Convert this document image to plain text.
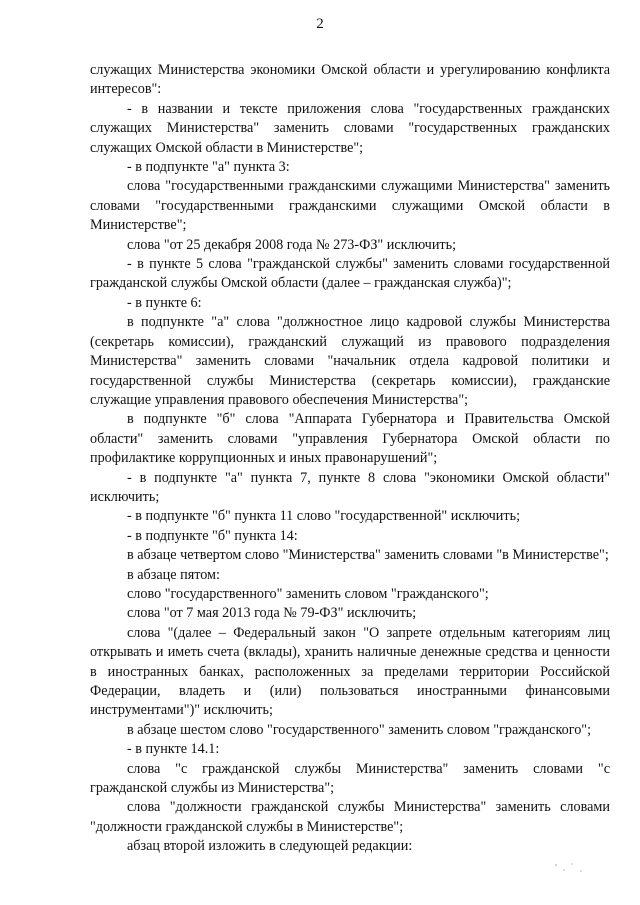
2

служащих Министерства экономики Омской области и урегулированию конфликта интересов":

- в названии и тексте приложения слова "государственных гражданских служащих Министерства" заменить словами "государственных гражданских служащих Омской области в Министерстве";

- в подпункте "а" пункта 3:

слова "государственными гражданскими служащими Министерства" заменить словами "государственными гражданскими служащими Омской области в Министерстве";

слова "от 25 декабря 2008 года № 273-ФЗ" исключить;

- в пункте 5 слова "гражданской службы" заменить словами государственной гражданской службы Омской области (далее – гражданская служба)";

- в пункте 6:

в подпункте "а" слова "должностное лицо кадровой службы Министерства (секретарь комиссии), гражданский служащий из правового подразделения Министерства" заменить словами "начальник отдела кадровой политики и государственной службы Министерства (секретарь комиссии), гражданские служащие управления правового обеспечения Министерства";

в подпункте "б" слова "Аппарата Губернатора и Правительства Омской области" заменить словами "управления Губернатора Омской области по профилактике коррупционных и иных правонарушений";

- в подпункте "а" пункта 7, пункте 8 слова "экономики Омской области" исключить;

- в подпункте "б" пункта 11 слово "государственной" исключить;

- в подпункте "б" пункта 14:

в абзаце четвертом слово "Министерства" заменить словами "в Министерстве";

в абзаце пятом:

слово "государственного" заменить словом "гражданского";

слова "от 7 мая 2013 года № 79-ФЗ" исключить;

слова "(далее – Федеральный закон "О запрете отдельным категориям лиц открывать и иметь счета (вклады), хранить наличные денежные средства и ценности в иностранных банках, расположенных за пределами территории Российской Федерации, владеть и (или) пользоваться иностранными финансовыми инструментами")" исключить;

в абзаце шестом слово "государственного" заменить словом "гражданского";

- в пункте 14.1:

слова "с гражданской службы Министерства" заменить словами "с гражданской службы из Министерства";

слова "должности гражданской службы Министерства" заменить словами "должности гражданской службы в Министерстве";

абзац второй изложить в следующей редакции:
